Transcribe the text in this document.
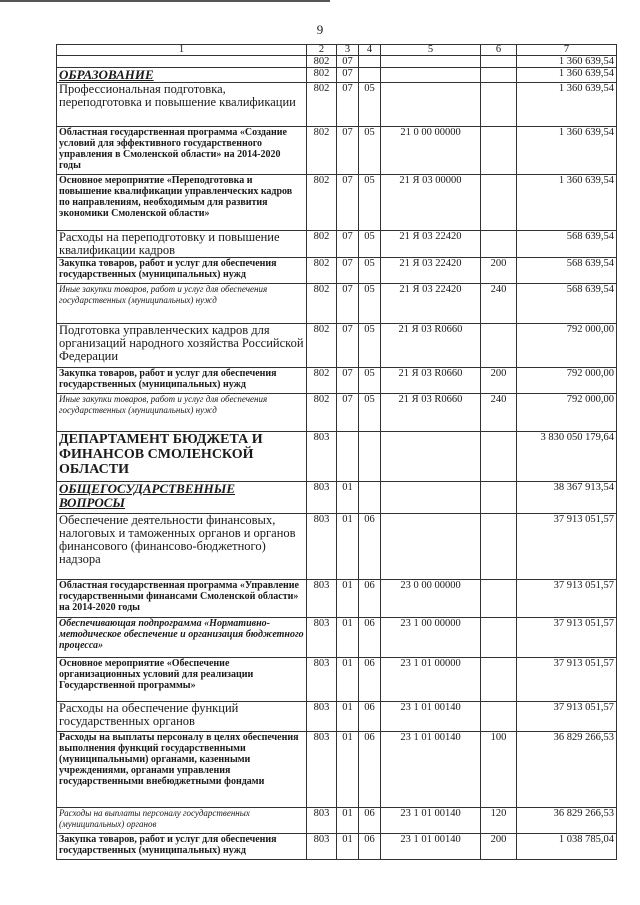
9
1	2	3	4	5	6	7
	802	07				1 360 639,54
ОБРАЗОВАНИЕ	802	07				1 360 639,54
Профессиональная подготовка, переподготовка и повышение квалификации	802	07	05			1 360 639,54
Областная государственная программа «Создание условий для эффективного государственного управления в Смоленской области» на 2014-2020 годы	802	07	05	21 0 00 00000		1 360 639,54
Основное мероприятие «Переподготовка и повышение квалификации управленческих кадров по направлениям, необходимым для развития экономики Смоленской области»	802	07	05	21 Я 03 00000		1 360 639,54
Расходы на переподготовку и повышение квалификации кадров	802	07	05	21 Я 03 22420		568 639,54
Закупка товаров, работ и услуг для обеспечения государственных (муниципальных) нужд	802	07	05	21 Я 03 22420	200	568 639,54
Иные закупки товаров, работ и услуг для обеспечения государственных (муниципальных) нужд	802	07	05	21 Я 03 22420	240	568 639,54
Подготовка управленческих кадров для организаций народного хозяйства Российской Федерации	802	07	05	21 Я 03 R0660		792 000,00
Закупка товаров, работ и услуг для обеспечения государственных (муниципальных) нужд	802	07	05	21 Я 03 R0660	200	792 000,00
Иные закупки товаров, работ и услуг для обеспечения государственных (муниципальных) нужд	802	07	05	21 Я 03 R0660	240	792 000,00
ДЕПАРТАМЕНТ БЮДЖЕТА И ФИНАНСОВ СМОЛЕНСКОЙ ОБЛАСТИ	803					3 830 050 179,64
ОБЩЕГОСУДАРСТВЕННЫЕ ВОПРОСЫ	803	01				38 367 913,54
Обеспечение деятельности финансовых, налоговых и таможенных органов и органов финансового (финансово-бюджетного) надзора	803	01	06			37 913 051,57
Областная государственная программа «Управление государственными финансами Смоленской области» на 2014-2020 годы	803	01	06	23 0 00 00000		37 913 051,57
Обеспечивающая подпрограмма «Нормативно-методическое обеспечение и организация бюджетного процесса»	803	01	06	23 1 00 00000		37 913 051,57
Основное мероприятие «Обеспечение организационных условий для реализации Государственной программы»	803	01	06	23 1 01 00000		37 913 051,57
Расходы на обеспечение функций государственных органов	803	01	06	23 1 01 00140		37 913 051,57
Расходы на выплаты персоналу в целях обеспечения выполнения функций государственными (муниципальными) органами, казенными учреждениями, органами управления государственными внебюджетными фондами	803	01	06	23 1 01 00140	100	36 829 266,53
Расходы на выплаты персоналу государственных (муниципальных) органов	803	01	06	23 1 01 00140	120	36 829 266,53
Закупка товаров, работ и услуг для обеспечения государственных (муниципальных) нужд	803	01	06	23 1 01 00140	200	1 038 785,04
